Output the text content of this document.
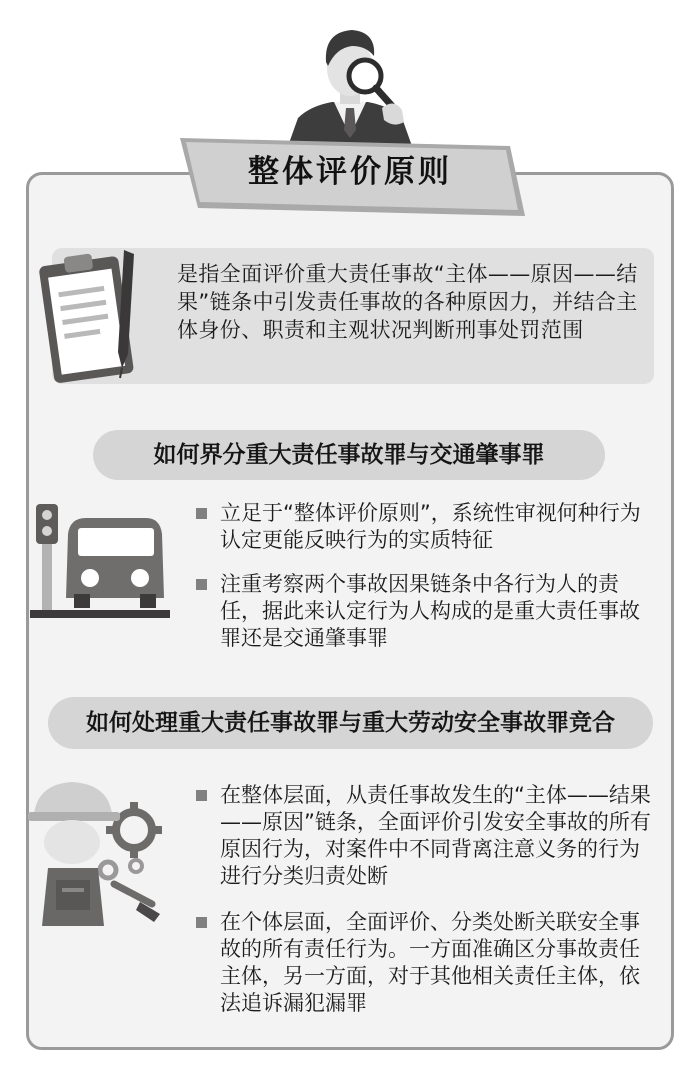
整体评价原则
是指全面评价重大责任事故“主体——原因——结果”链条中引发责任事故的各种原因力，并结合主体身份、职责和主观状况判断刑事处罚范围
如何界分重大责任事故罪与交通肇事罪
立足于“整体评价原则”，系统性审视何种行为认定更能反映行为的实质特征
注重考察两个事故因果链条中各行为人的责任，据此来认定行为人构成的是重大责任事故罪还是交通肇事罪
如何处理重大责任事故罪与重大劳动安全事故罪竞合
在整体层面，从责任事故发生的“主体——结果——原因”链条，全面评价引发安全事故的所有原因行为，对案件中不同背离注意义务的行为进行分类归责处断
在个体层面，全面评价、分类处断关联安全事故的所有责任行为。一方面准确区分事故责任主体，另一方面，对于其他相关责任主体，依法追诉漏犯漏罪
